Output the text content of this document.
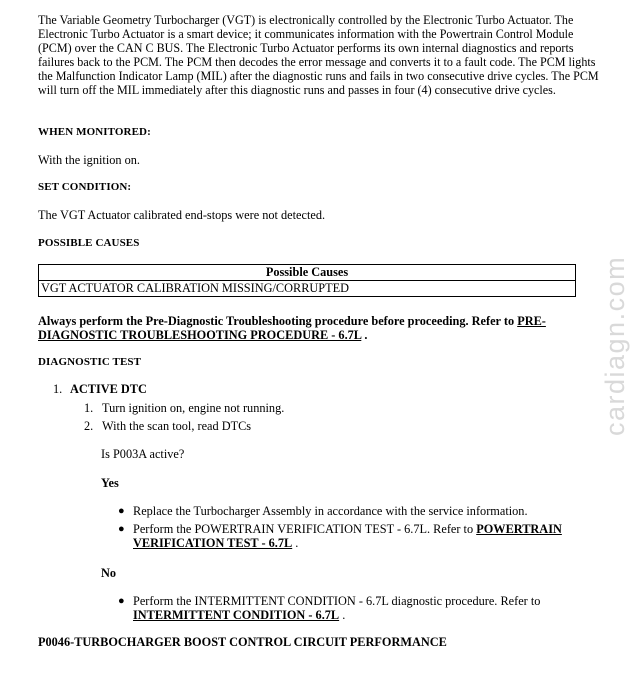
The Variable Geometry Turbocharger (VGT) is electronically controlled by the Electronic Turbo Actuator. The Electronic Turbo Actuator is a smart device; it communicates information with the Powertrain Control Module (PCM) over the CAN C BUS. The Electronic Turbo Actuator performs its own internal diagnostics and reports failures back to the PCM. The PCM then decodes the error message and converts it to a fault code. The PCM lights the Malfunction Indicator Lamp (MIL) after the diagnostic runs and fails in two consecutive drive cycles. The PCM will turn off the MIL immediately after this diagnostic runs and passes in four (4) consecutive drive cycles.

WHEN MONITORED:

With the ignition on.

SET CONDITION:

The VGT Actuator calibrated end-stops were not detected.

POSSIBLE CAUSES

Possible Causes
VGT ACTUATOR CALIBRATION MISSING/CORRUPTED

Always perform the Pre-Diagnostic Troubleshooting procedure before proceeding. Refer to PRE-DIAGNOSTIC TROUBLESHOOTING PROCEDURE - 6.7L .

DIAGNOSTIC TEST

1. ACTIVE DTC

1. Turn ignition on, engine not running.

2. With the scan tool, read DTCs

Is P003A active?

Yes

● Replace the Turbocharger Assembly in accordance with the service information.

● Perform the POWERTRAIN VERIFICATION TEST - 6.7L. Refer to POWERTRAIN VERIFICATION TEST - 6.7L .

No

● Perform the INTERMITTENT CONDITION - 6.7L diagnostic procedure. Refer to INTERMITTENT CONDITION - 6.7L .

P0046-TURBOCHARGER BOOST CONTROL CIRCUIT PERFORMANCE

cardiagn.com
